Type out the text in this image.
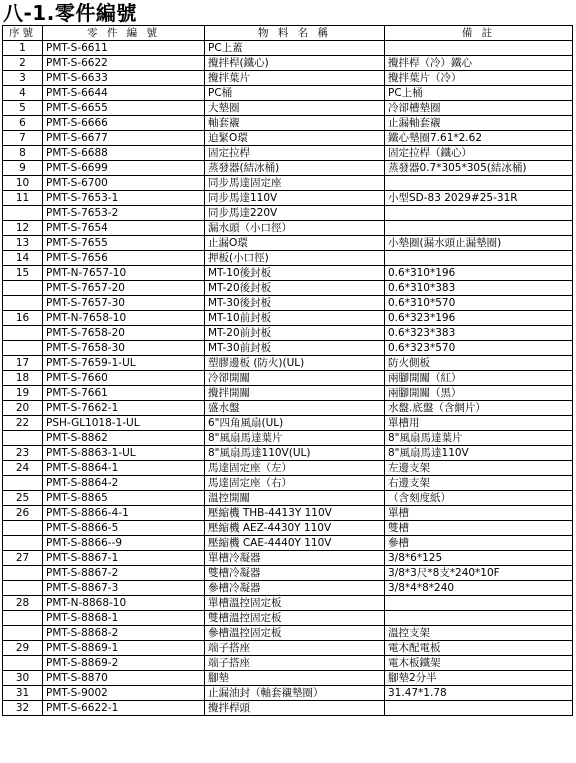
八-1.零件編號
序號	零 件 編 號	物 料 名 稱	備 註
1	PMT-S-6611	PC上蓋	
2	PMT-S-6622	攪拌桿(鐵心)	攪拌桿（冷）鐵心
3	PMT-S-6633	攪拌葉片	攪拌葉片（冷）
4	PMT-S-6644	PC桶	PC上桶
5	PMT-S-6655	大墊圈	冷卻槽墊圈
6	PMT-S-6666	軸套襯	止漏軸套襯
7	PMT-S-6677	迫緊O環	鐵心墊圈7.61*2.62
8	PMT-S-6688	固定拉桿	固定拉桿（鐵心）
9	PMT-S-6699	蒸發器(結冰桶)	蒸發器0.7*305*305(結冰桶)
10	PMT-S-6700	同步馬達固定座	
11	PMT-S-7653-1	同步馬達110V	小型SD-83 2029#25-31R
	PMT-S-7653-2	同步馬達220V	
12	PMT-S-7654	漏水頭（小口徑）	
13	PMT-S-7655	止漏O環	小墊圈(漏水頭止漏墊圈)
14	PMT-S-7656	押板(小口徑)	
15	PMT-N-7657-10	MT-10後封板	0.6*310*196
	PMT-S-7657-20	MT-20後封板	0.6*310*383
	PMT-S-7657-30	MT-30後封板	0.6*310*570
16	PMT-N-7658-10	MT-10前封板	0.6*323*196
	PMT-S-7658-20	MT-20前封板	0.6*323*383
	PMT-S-7658-30	MT-30前封板	0.6*323*570
17	PMT-S-7659-1-UL	塑膠邊板 (防火)(UL)	防火側板
18	PMT-S-7660	冷卻開關	兩腳開關（紅）
19	PMT-S-7661	攪拌開關	兩腳開關（黑）
20	PMT-S-7662-1	盛水盤	水盤.底盤（含網片）
22	PSH-GL1018-1-UL	6"四角風扇(UL)	單槽用
	PMT-S-8862	8"風扇馬達葉片	8"風扇馬達葉片
23	PMT-S-8863-1-UL	8"風扇馬達110V(UL)	8"風扇馬達110V
24	PMT-S-8864-1	馬達固定座（左）	左邊支架
	PMT-S-8864-2	馬達固定座（右）	右邊支架
25	PMT-S-8865	溫控開關	（含刻度紙）
26	PMT-S-8866-4-1	壓縮機 THB-4413Y 110V	單槽
	PMT-S-8866-5	壓縮機 AEZ-4430Y 110V	雙槽
	PMT-S-8866--9	壓縮機 CAE-4440Y 110V	參槽
27	PMT-S-8867-1	單槽冷凝器	3/8*6*125
	PMT-S-8867-2	雙槽冷凝器	3/8*3尺*8支*240*10F
	PMT-S-8867-3	參槽冷凝器	3/8*4*8*240
28	PMT-N-8868-10	單槽溫控固定板	
	PMT-S-8868-1	雙槽溫控固定板	
	PMT-S-8868-2	參槽溫控固定板	溫控支架
29	PMT-S-8869-1	端子搭座	電木配電板
	PMT-S-8869-2	端子搭座	電木板鐵架
30	PMT-S-8870	腳墊	腳墊2分半
31	PMT-S-9002	止漏油封（軸套襯墊圈）	31.47*1.78
32	PMT-S-6622-1	攪拌桿頭	
